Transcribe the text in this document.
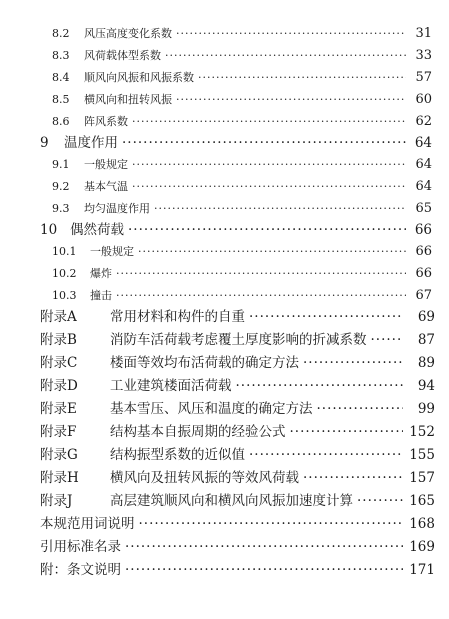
8.2	风压高度变化系数 ·····	31
8.3	风荷载体型系数 ·····	33
8.4	顺风向风振和风振系数 ·····	57
8.5	横风向和扭转风振 ·····	60
8.6	阵风系数 ·····	62
9	温度作用 ·····	64
9.1	一般规定 ·····	64
9.2	基本气温 ·····	64
9.3	均匀温度作用 ·····	65
10 偶然荷载 ·····	66
10.1	一般规定 ·····	66
10.2	爆炸 ·····	66
10.3	撞击 ·····	67
附录A	常用材料和构件的自重 ·····	69
附录B	消防车活荷载考虑覆土厚度影响的折减系数 ·····	87
附录C	楼面等效均布活荷载的确定方法 ·····	89
附录D	工业建筑楼面活荷载 ·····	94
附录E	基本雪压、风压和温度的确定方法 ·····	99
附录F	结构基本自振周期的经验公式 ·····	152
附录G	结构振型系数的近似值 ·····	155
附录H	横风向及扭转风振的等效风荷载 ·····	157
附录J	高层建筑顺风向和横风向风振加速度计算 ·····	165
本规范用词说明 ·····	168
引用标准名录 ·····	169
附：条文说明 ·····	171
